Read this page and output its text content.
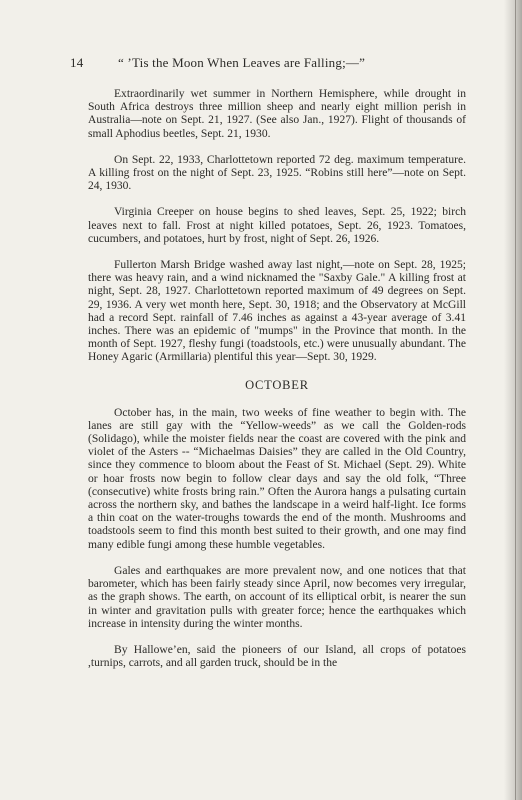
14	“ ’Tis the Moon When Leaves are Falling;—”

Extraordinarily wet summer in Northern Hemisphere, while drought in South Africa destroys three million sheep and nearly eight million perish in Australia—note on Sept. 21, 1927. (See also Jan., 1927). Flight of thousands of small Aphodius beetles, Sept. 21, 1930.

On Sept. 22, 1933, Charlottetown reported 72 deg. maximum temperature. A killing frost on the night of Sept. 23, 1925. “Robins still here”—note on Sept. 24, 1930.

Virginia Creeper on house begins to shed leaves, Sept. 25, 1922; birch leaves next to fall. Frost at night killed potatoes, Sept. 26, 1923. Tomatoes, cucumbers, and potatoes, hurt by frost, night of Sept. 26, 1926.

Fullerton Marsh Bridge washed away last night,—note on Sept. 28, 1925; there was heavy rain, and a wind nicknamed the "Saxby Gale." A killing frost at night, Sept. 28, 1927. Charlottetown reported maximum of 49 degrees on Sept. 29, 1936. A very wet month here, Sept. 30, 1918; and the Observatory at McGill had a record Sept. rainfall of 7.46 inches as against a 43-year average of 3.41 inches. There was an epidemic of "mumps" in the Province that month. In the month of Sept. 1927, fleshy fungi (toadstools, etc.) were unusually abundant. The Honey Agaric (Armillaria) plentiful this year—Sept. 30, 1929.

OCTOBER

October has, in the main, two weeks of fine weather to begin with. The lanes are still gay with the “Yellow-weeds” as we call the Golden-rods (Solidago), while the moister fields near the coast are covered with the pink and violet of the Asters -- “Michaelmas Daisies” they are called in the Old Country, since they commence to bloom about the Feast of St. Michael (Sept. 29). White or hoar frosts now begin to follow clear days and say the old folk, “Three (consecutive) white frosts bring rain.” Often the Aurora hangs a pulsating curtain across the northern sky, and bathes the landscape in a weird half-light. Ice forms a thin coat on the water-troughs towards the end of the month. Mushrooms and toadstools seem to find this month best suited to their growth, and one may find many edible fungi among these humble vegetables.

Gales and earthquakes are more prevalent now, and one notices that that barometer, which has been fairly steady since April, now becomes very irregular, as the graph shows. The earth, on account of its elliptical orbit, is nearer the sun in winter and gravitation pulls with greater force; hence the earthquakes which increase in intensity during the winter months.

By Hallowe’en, said the pioneers of our Island, all crops of potatoes ,turnips, carrots, and all garden truck, should be in the
